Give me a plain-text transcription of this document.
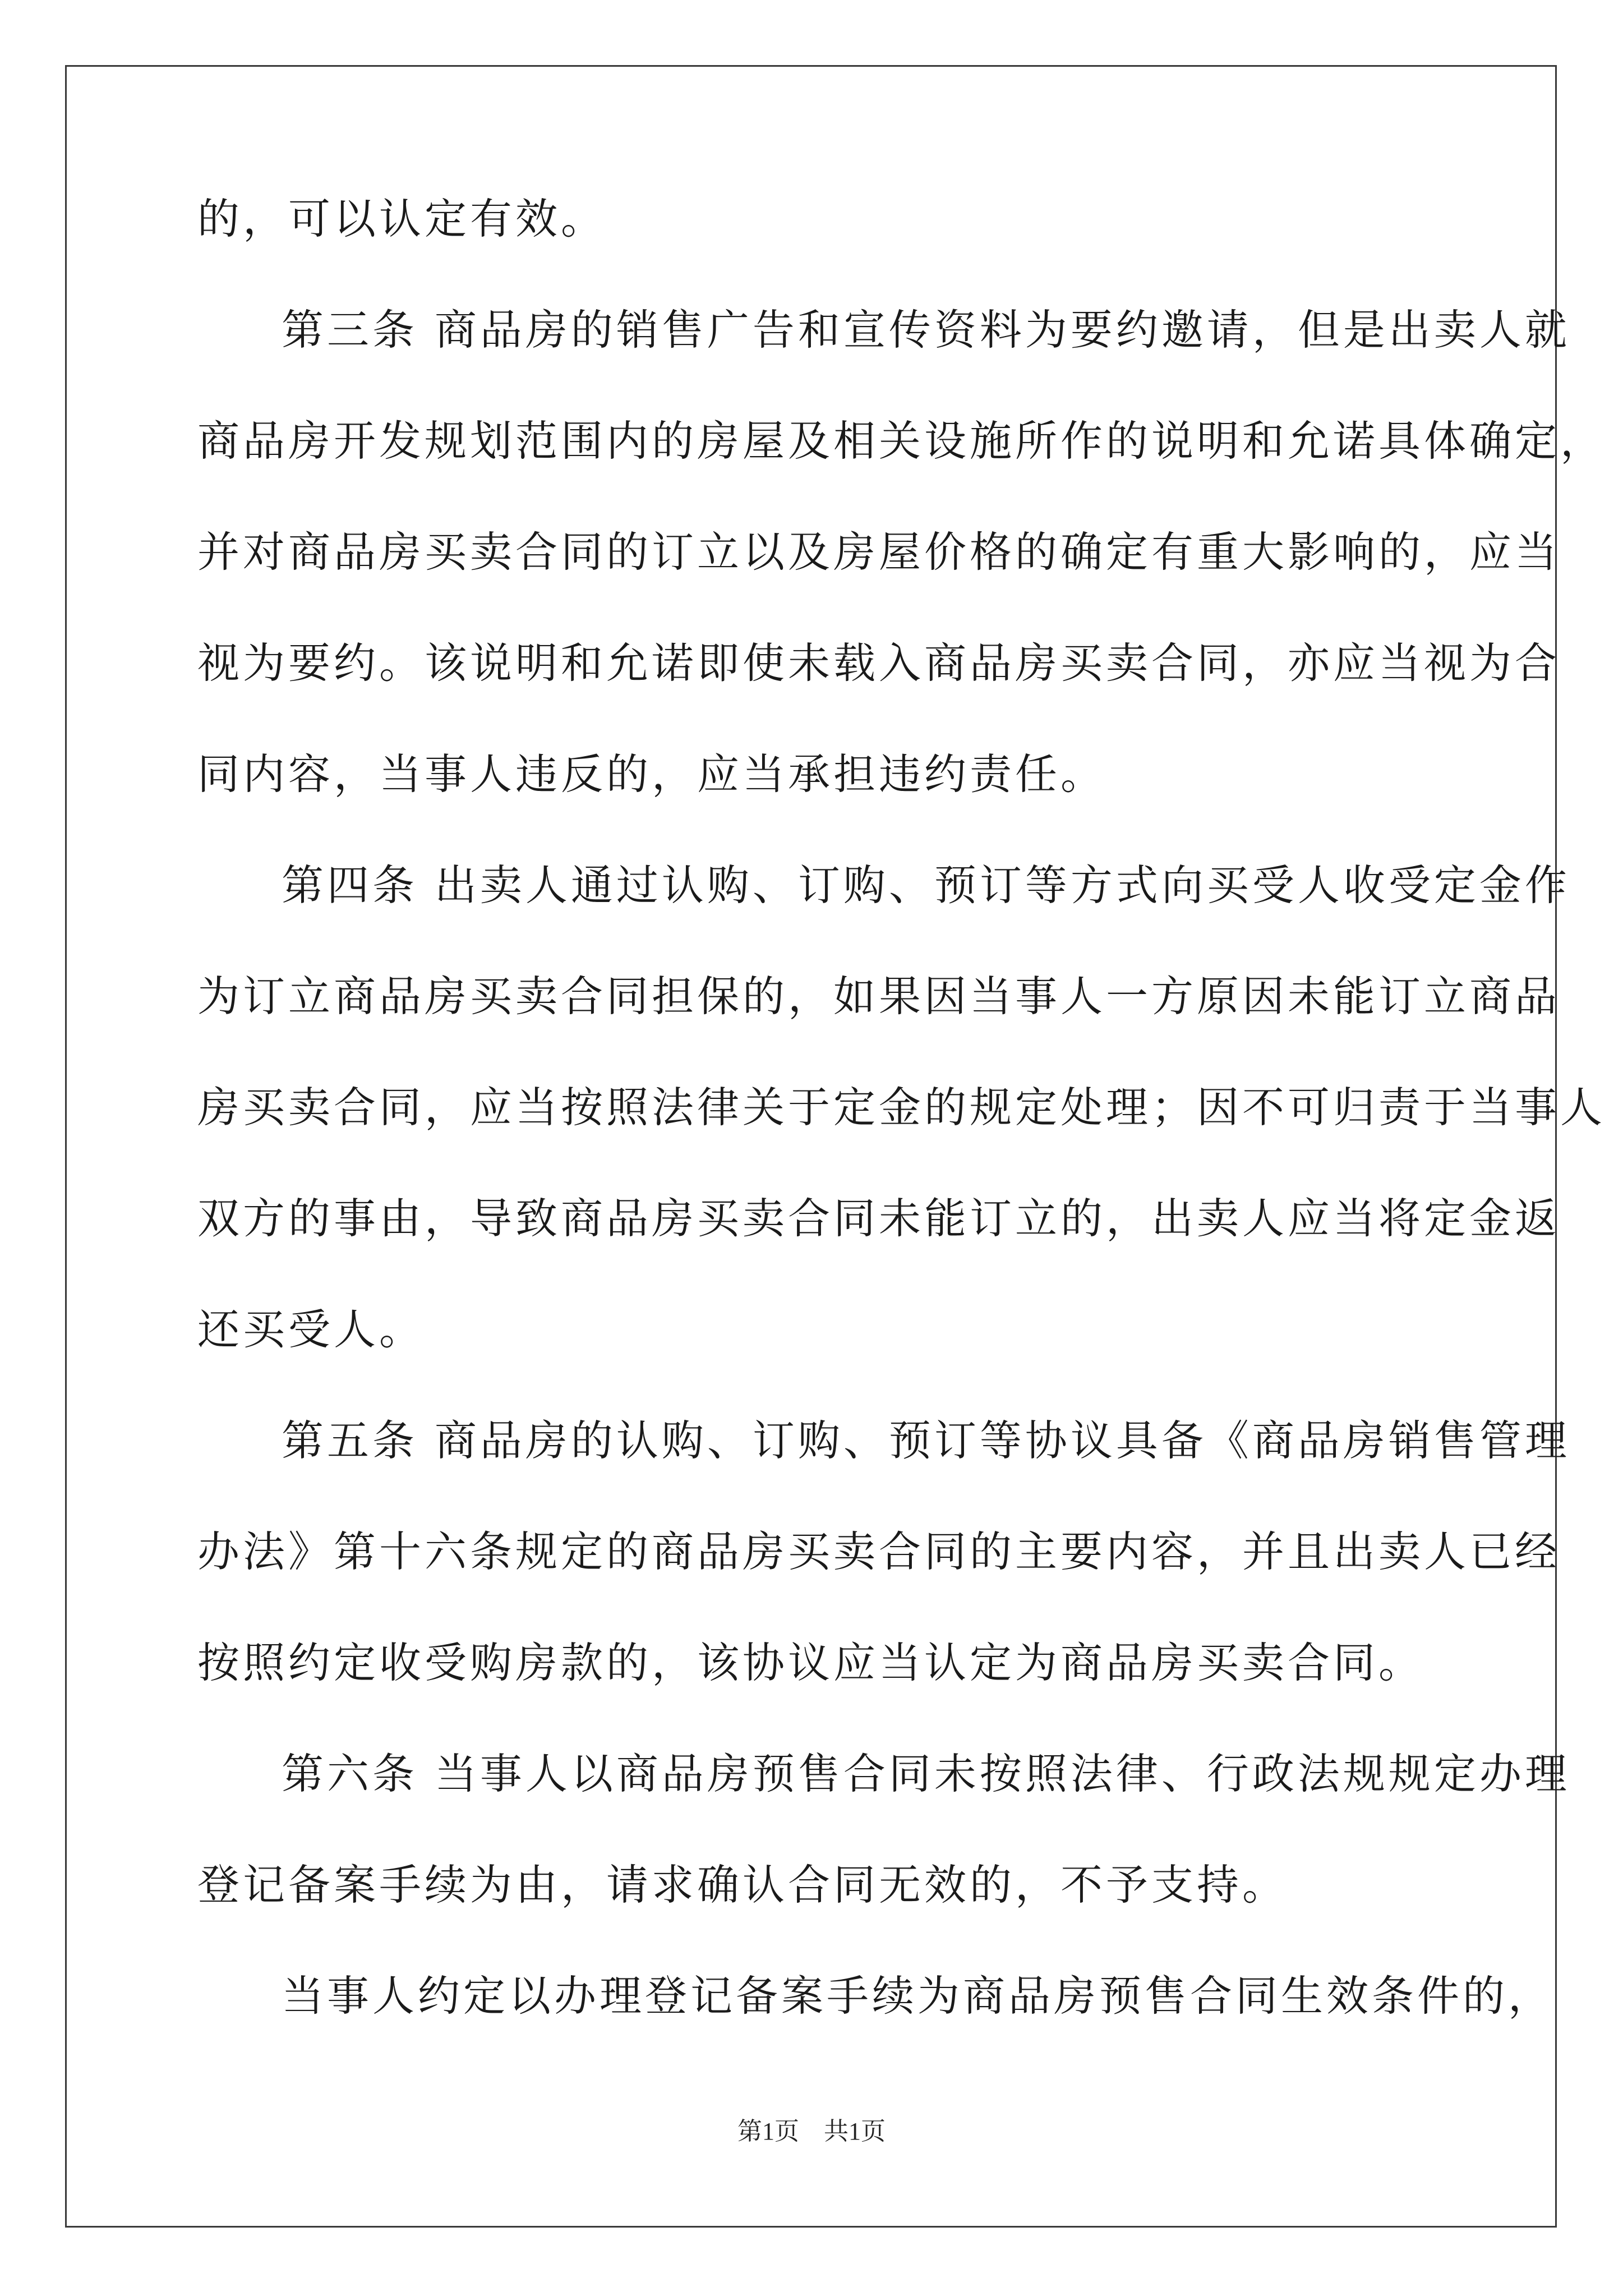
的，可以认定有效。
第三条 商品房的销售广告和宣传资料为要约邀请，但是出卖人就
商品房开发规划范围内的房屋及相关设施所作的说明和允诺具体确定，
并对商品房买卖合同的订立以及房屋价格的确定有重大影响的，应当
视为要约。该说明和允诺即使未载入商品房买卖合同，亦应当视为合
同内容，当事人违反的，应当承担违约责任。
第四条 出卖人通过认购、订购、预订等方式向买受人收受定金作
为订立商品房买卖合同担保的，如果因当事人一方原因未能订立商品
房买卖合同，应当按照法律关于定金的规定处理；因不可归责于当事人
双方的事由，导致商品房买卖合同未能订立的，出卖人应当将定金返
还买受人。
第五条 商品房的认购、订购、预订等协议具备《商品房销售管理
办法》第十六条规定的商品房买卖合同的主要内容，并且出卖人已经
按照约定收受购房款的，该协议应当认定为商品房买卖合同。
第六条 当事人以商品房预售合同未按照法律、行政法规规定办理
登记备案手续为由，请求确认合同无效的，不予支持。
当事人约定以办理登记备案手续为商品房预售合同生效条件的，
第1页 共1页
